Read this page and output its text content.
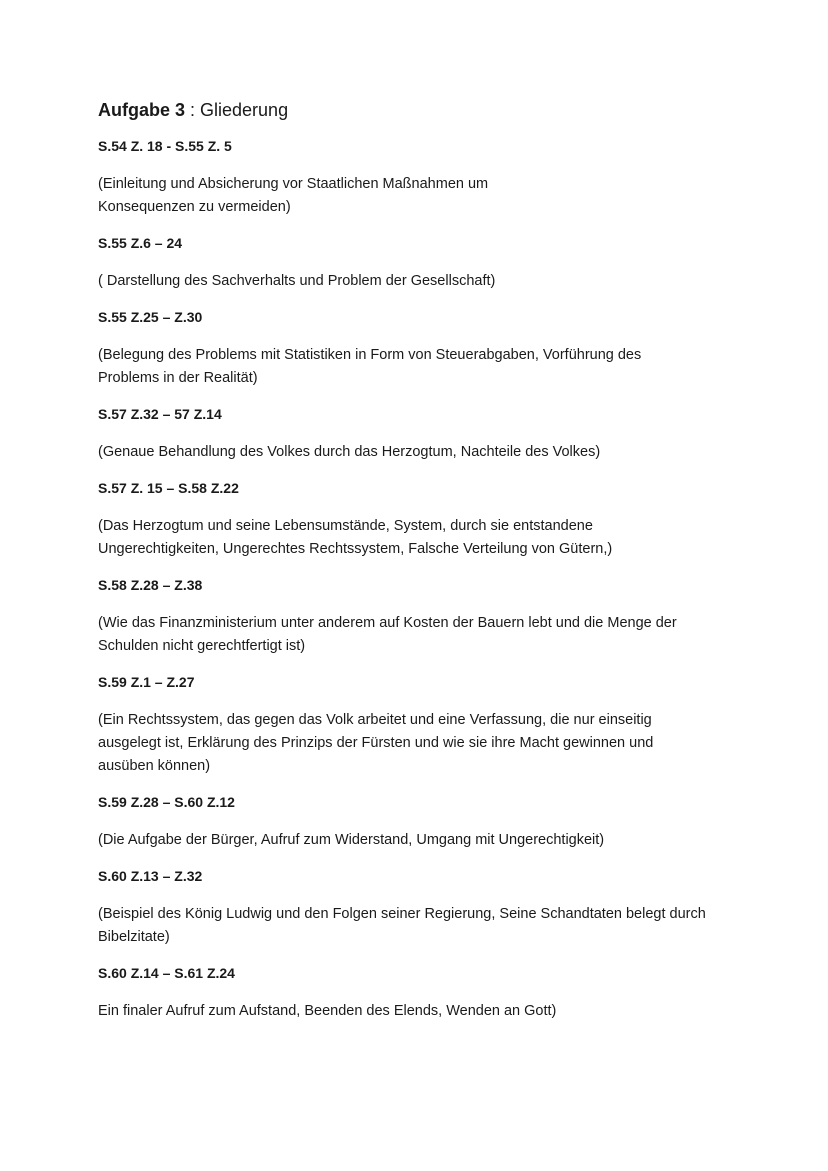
Aufgabe 3 : Gliederung
S.54 Z. 18 - S.55 Z. 5
(Einleitung und Absicherung vor Staatlichen Maßnahmen um
Konsequenzen zu vermeiden)
S.55 Z.6 – 24
( Darstellung des Sachverhalts und Problem der Gesellschaft)
S.55 Z.25 – Z.30
(Belegung des Problems mit Statistiken in Form von Steuerabgaben, Vorführung des
Problems in der Realität)
S.57 Z.32 – 57 Z.14
(Genaue Behandlung des Volkes durch das Herzogtum, Nachteile des Volkes)
S.57 Z. 15 – S.58 Z.22
(Das Herzogtum und seine Lebensumstände, System, durch sie entstandene
Ungerechtigkeiten, Ungerechtes Rechtssystem, Falsche Verteilung von Gütern,)
S.58 Z.28 – Z.38
(Wie das Finanzministerium unter anderem auf Kosten der Bauern lebt und die Menge der
Schulden nicht gerechtfertigt ist)
S.59 Z.1 – Z.27
(Ein Rechtssystem, das gegen das Volk arbeitet und eine Verfassung, die nur einseitig
ausgelegt ist, Erklärung des Prinzips der Fürsten und wie sie ihre Macht gewinnen und
ausüben können)
S.59 Z.28 – S.60 Z.12
(Die Aufgabe der Bürger, Aufruf zum Widerstand, Umgang mit Ungerechtigkeit)
S.60 Z.13 – Z.32
(Beispiel des König Ludwig und den Folgen seiner Regierung, Seine Schandtaten belegt durch
Bibelzitate)
S.60 Z.14 – S.61 Z.24
Ein finaler Aufruf zum Aufstand, Beenden des Elends, Wenden an Gott)
